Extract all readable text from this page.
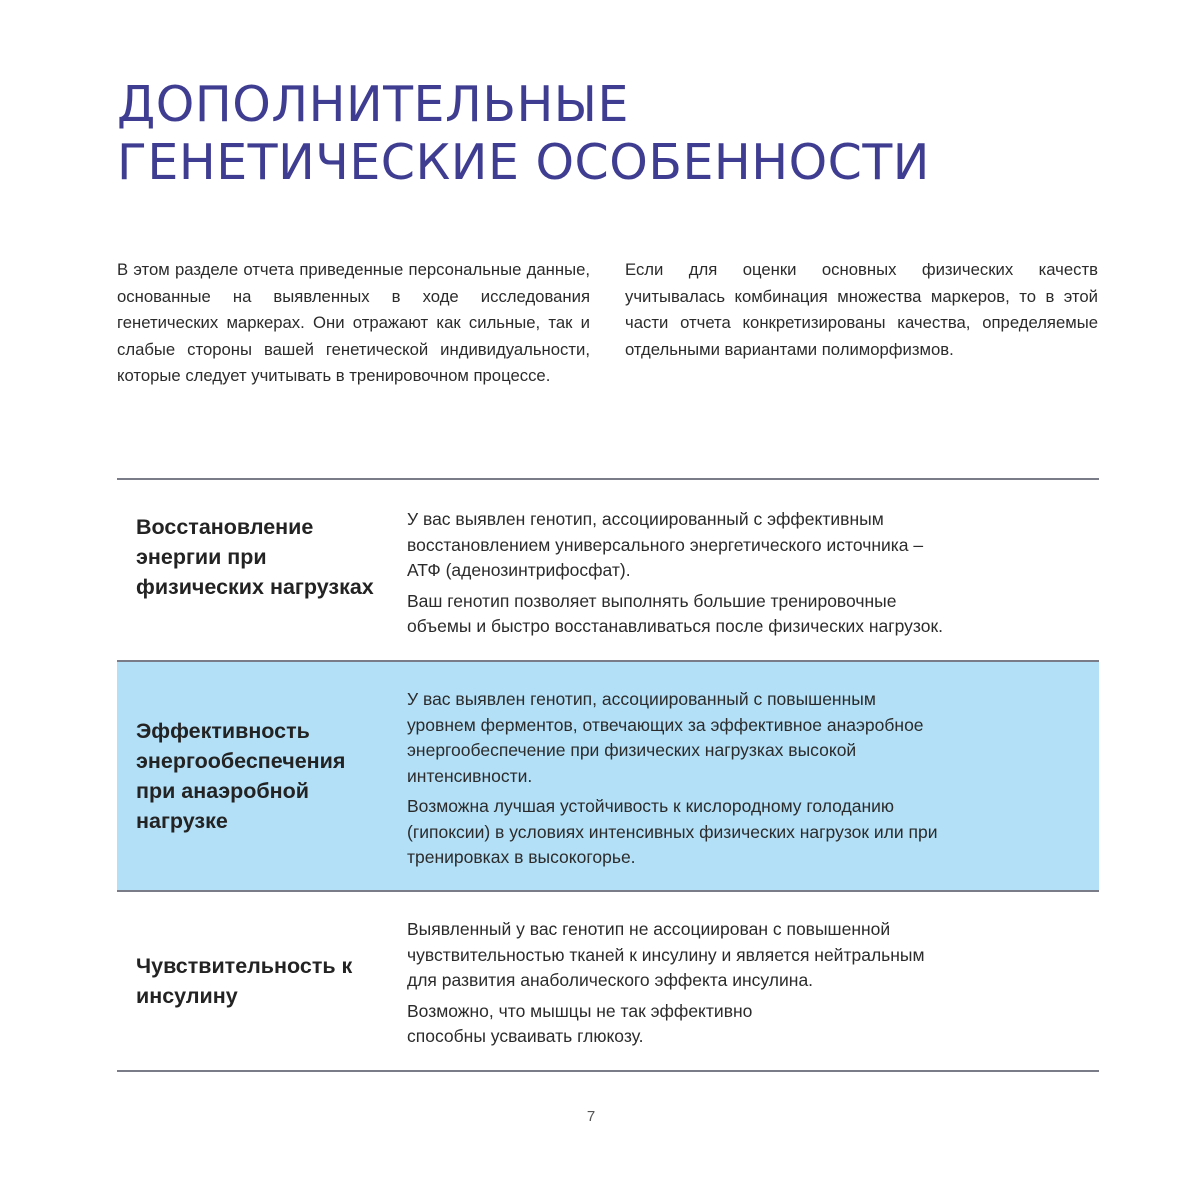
ДОПОЛНИТЕЛЬНЫЕ
ГЕНЕТИЧЕСКИЕ ОСОБЕННОСТИ

В этом разделе отчета приведенные персональные данные, основанные на выявленных в ходе исследования генетических маркерах. Они отражают как сильные, так и слабые стороны вашей генетической индивидуальности, которые следует учитывать в тренировочном процессе.

Если для оценки основных физических качеств учитывалась комбинация множества маркеров, то в этой части отчета конкретизированы качества, определяемые отдельными вариантами полиморфизмов.

Восстановление энергии при физических нагрузках

У вас выявлен генотип, ассоциированный с эффективным

восстановлением универсального энергетического источника –

АТФ (аденозинтрифосфат).

Ваш генотип позволяет выполнять большие тренировочные

объемы и быстро восстанавливаться после физических нагрузок.

Эффективность энергообеспечения при анаэробной нагрузке

У вас выявлен генотип, ассоциированный с повышенным

уровнем ферментов, отвечающих за эффективное анаэробное

энергообеспечение при физических нагрузках высокой

интенсивности.

Возможна лучшая устойчивость к кислородному голоданию

(гипоксии) в условиях интенсивных физических нагрузок или при

тренировках в высокогорье.

Чувствительность к инсулину

Выявленный у вас генотип не ассоциирован с повышенной

чувствительностью тканей к инсулину и является нейтральным

для развития анаболического эффекта инсулина.

Возможно, что мышцы не так эффективно

способны усваивать глюкозу.

7
